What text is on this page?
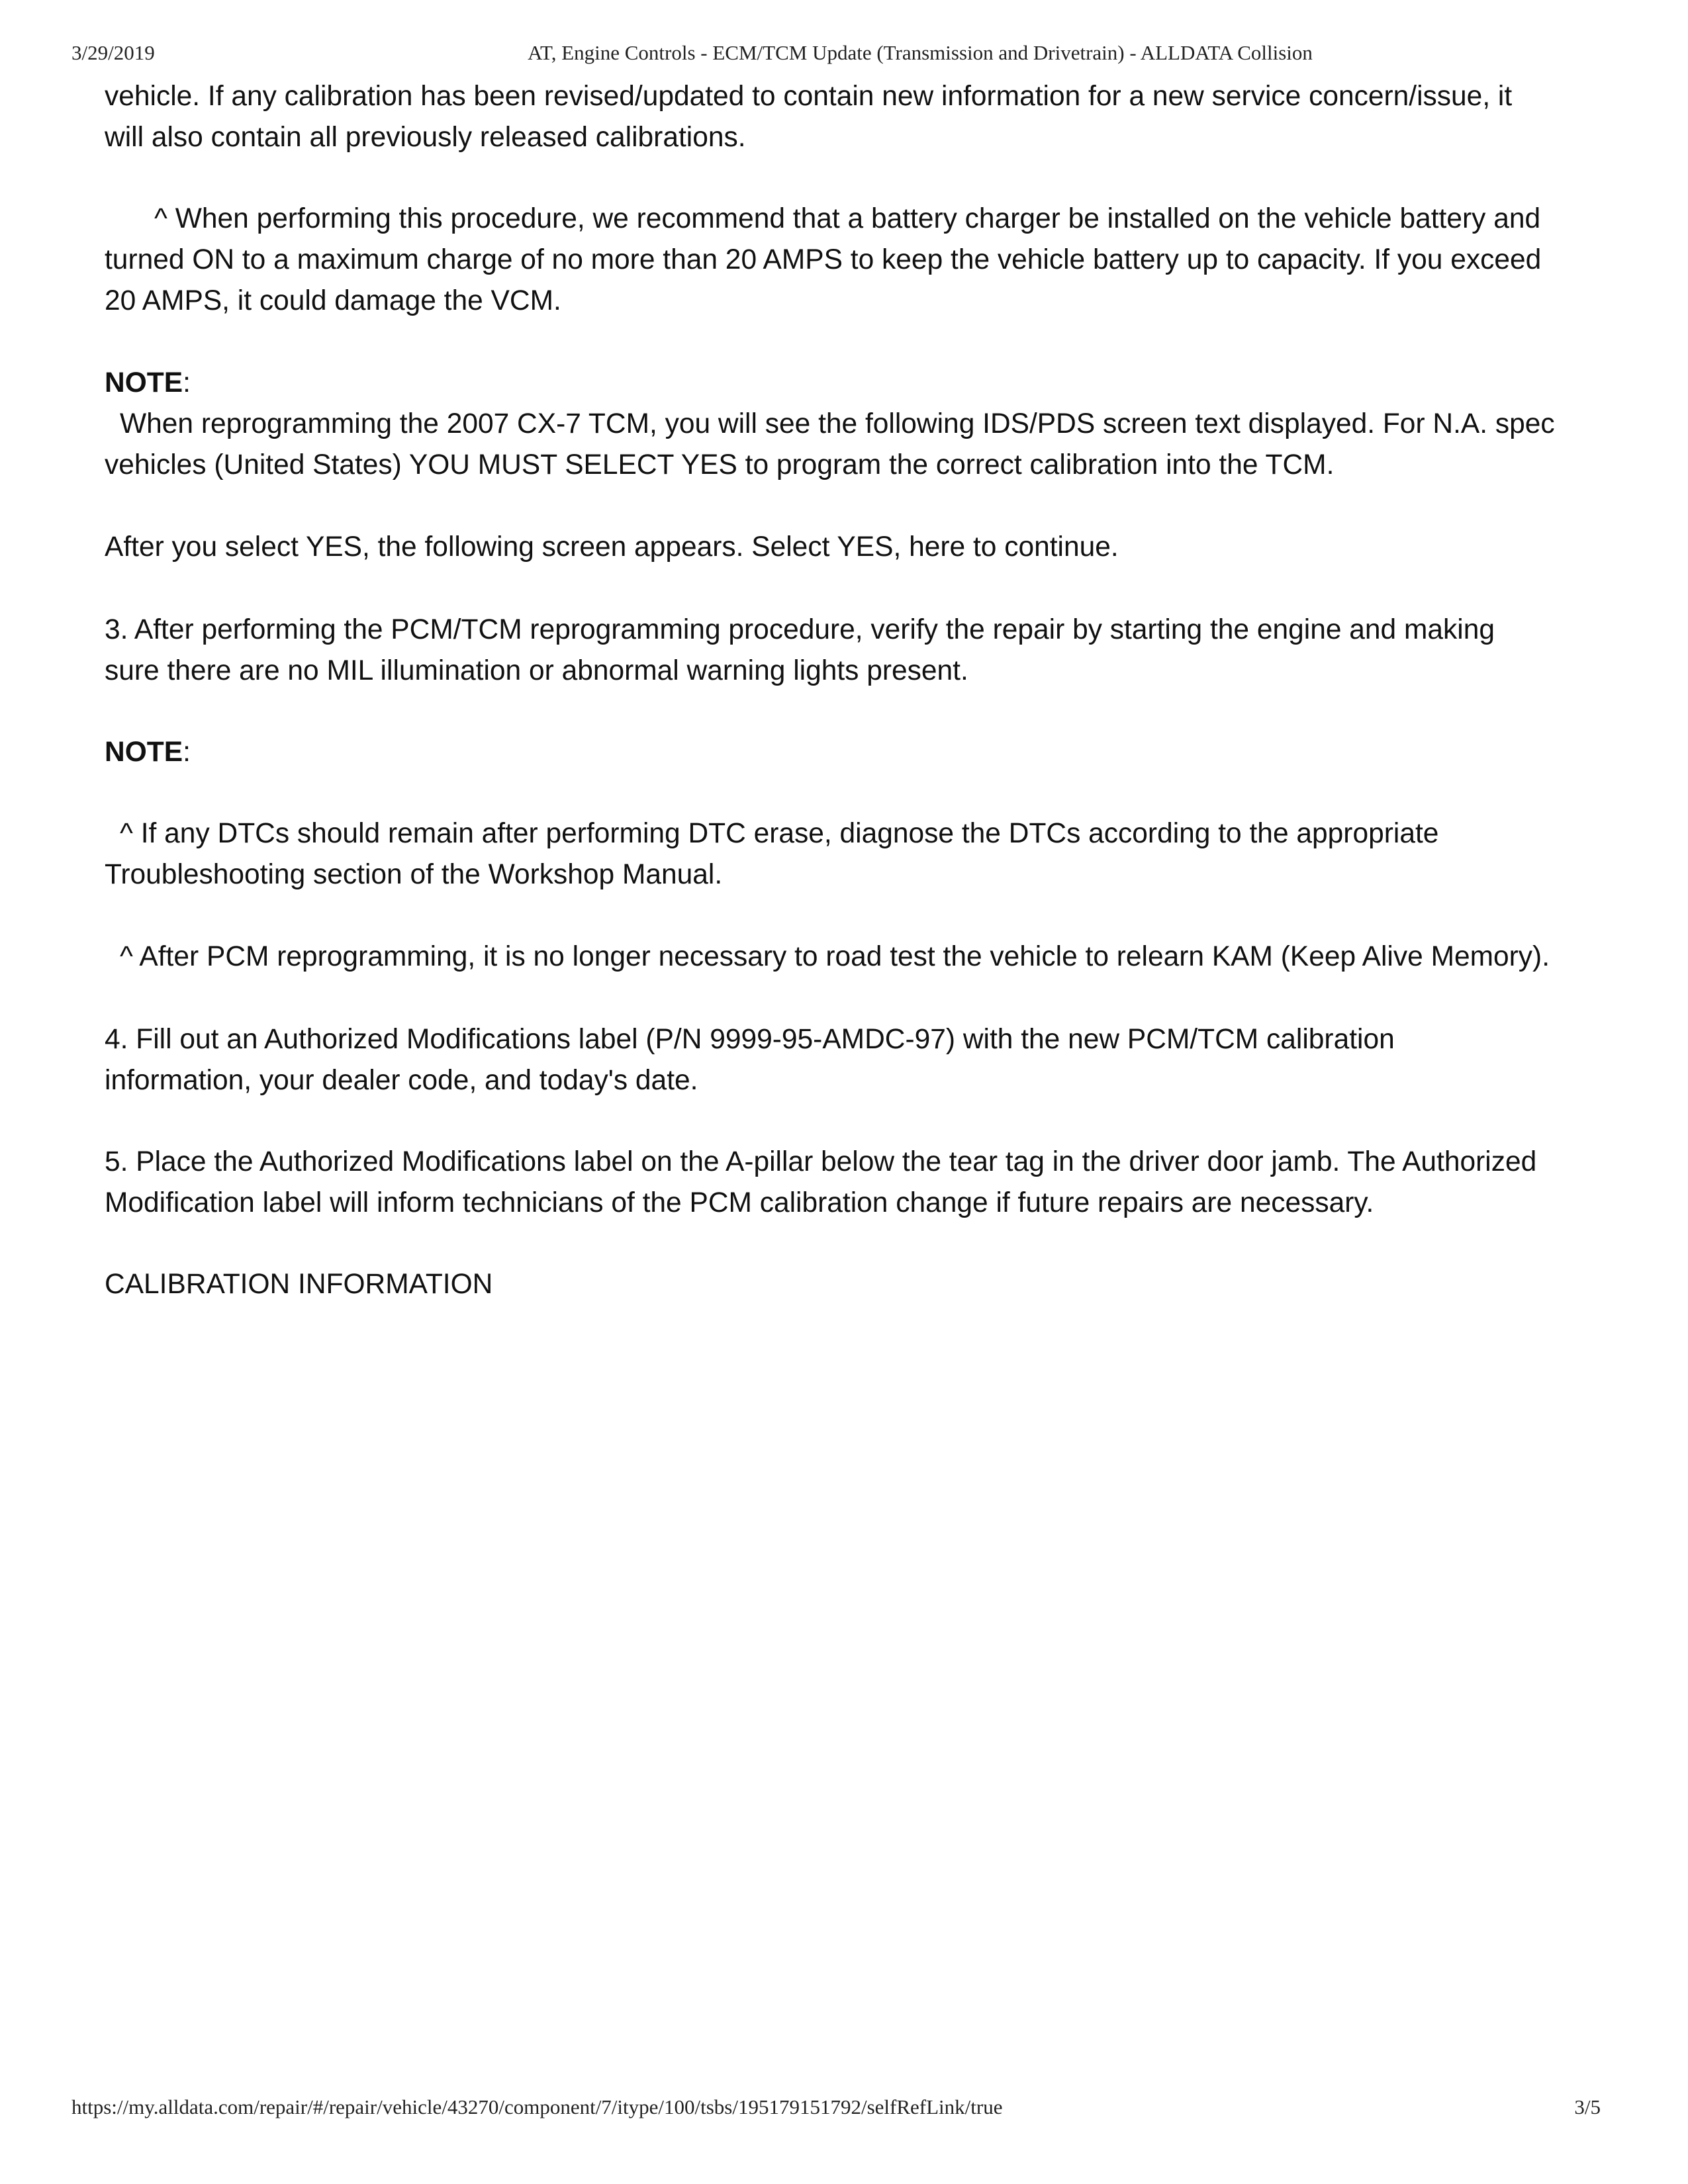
3/29/2019	AT, Engine Controls - ECM/TCM Update (Transmission and Drivetrain) - ALLDATA Collision
vehicle. If any calibration has been revised/updated to contain new information for a new service concern/issue, it
will also contain all previously released calibrations.
^ When performing this procedure, we recommend that a battery charger be installed on the vehicle battery and
turned ON to a maximum charge of no more than 20 AMPS to keep the vehicle battery up to capacity. If you exceed
20 AMPS, it could damage the VCM.
NOTE:
When reprogramming the 2007 CX-7 TCM, you will see the following IDS/PDS screen text displayed. For N.A. spec
vehicles (United States) YOU MUST SELECT YES to program the correct calibration into the TCM.
After you select YES, the following screen appears. Select YES, here to continue.
3. After performing the PCM/TCM reprogramming procedure, verify the repair by starting the engine and making
sure there are no MIL illumination or abnormal warning lights present.
NOTE:
^ If any DTCs should remain after performing DTC erase, diagnose the DTCs according to the appropriate
Troubleshooting section of the Workshop Manual.
^ After PCM reprogramming, it is no longer necessary to road test the vehicle to relearn KAM (Keep Alive Memory).
4. Fill out an Authorized Modifications label (P/N 9999-95-AMDC-97) with the new PCM/TCM calibration
information, your dealer code, and today's date.
5. Place the Authorized Modifications label on the A-pillar below the tear tag in the driver door jamb. The Authorized
Modification label will inform technicians of the PCM calibration change if future repairs are necessary.
CALIBRATION INFORMATION
https://my.alldata.com/repair/#/repair/vehicle/43270/component/7/itype/100/tsbs/195179151792/selfRefLink/true	3/5
